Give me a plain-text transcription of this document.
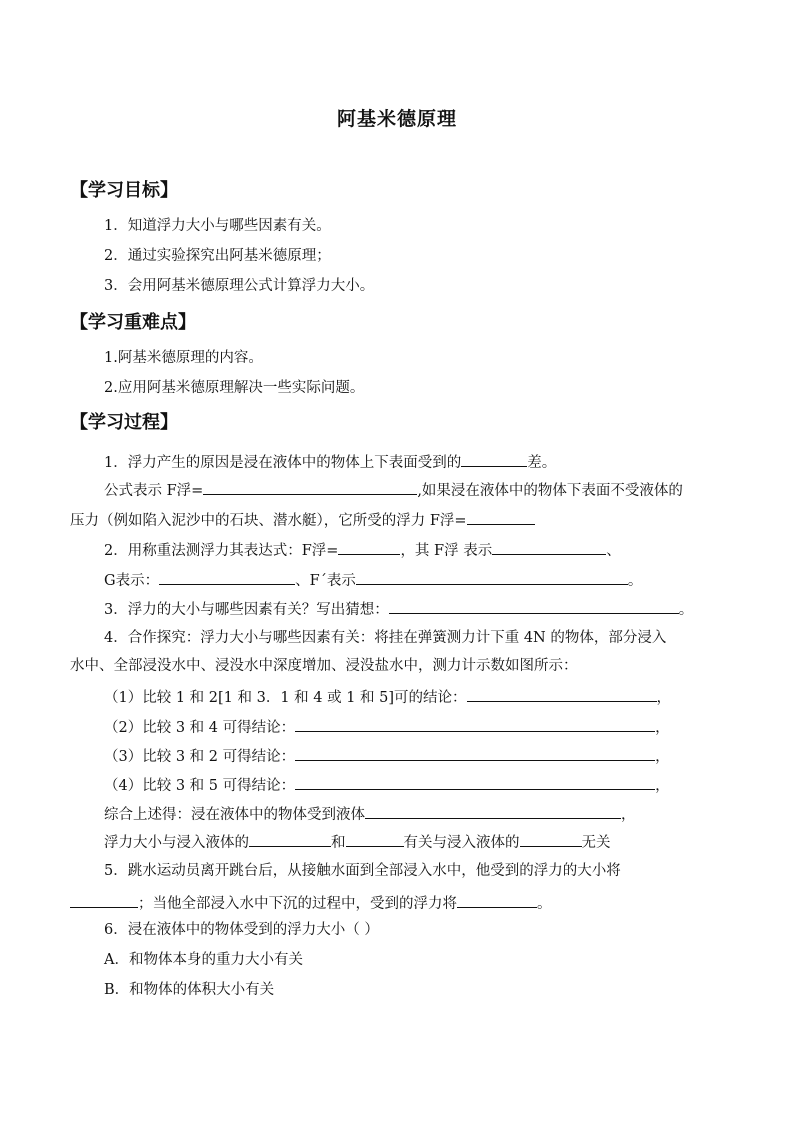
阿基米德原理
【学习目标】
1．知道浮力大小与哪些因素有关。
2．通过实验探究出阿基米德原理；
3．会用阿基米德原理公式计算浮力大小。
【学习重难点】
1.阿基米德原理的内容。
2.应用阿基米德原理解决一些实际问题。
【学习过程】
1．浮力产生的原因是浸在液体中的物体上下表面受到的	差。
公式表示 F浮=	,如果浸在液体中的物体下表面不受液体的
压力（例如陷入泥沙中的石块、潜水艇），它所受的浮力 F浮=
2．用称重法测浮力其表达式：F浮=	，其 F浮 表示	、
G表示：	、F´表示	。
3．浮力的大小与哪些因素有关？写出猜想：	。
4．合作探究：浮力大小与哪些因素有关：将挂在弹簧测力计下重 4N 的物体，部分浸入
水中、全部浸没水中、浸没水中深度增加、浸没盐水中，测力计示数如图所示：
（1）比较 1 和 2[1 和 3．1 和 4 或 1 和 5]可的结论：	，
（2）比较 3 和 4 可得结论：	，
（3）比较 3 和 2 可得结论：	，
（4）比较 3 和 5 可得结论：	，
综合上述得：浸在液体中的物体受到液体	，
浮力大小与浸入液体的	和	有关与浸入液体的	无关
5．跳水运动员离开跳台后，从接触水面到全部浸入水中，他受到的浮力的大小将
；当他全部浸入水中下沉的过程中，受到的浮力将	。
6．浸在液体中的物体受到的浮力大小（ ）
A．和物体本身的重力大小有关
B．和物体的体积大小有关
